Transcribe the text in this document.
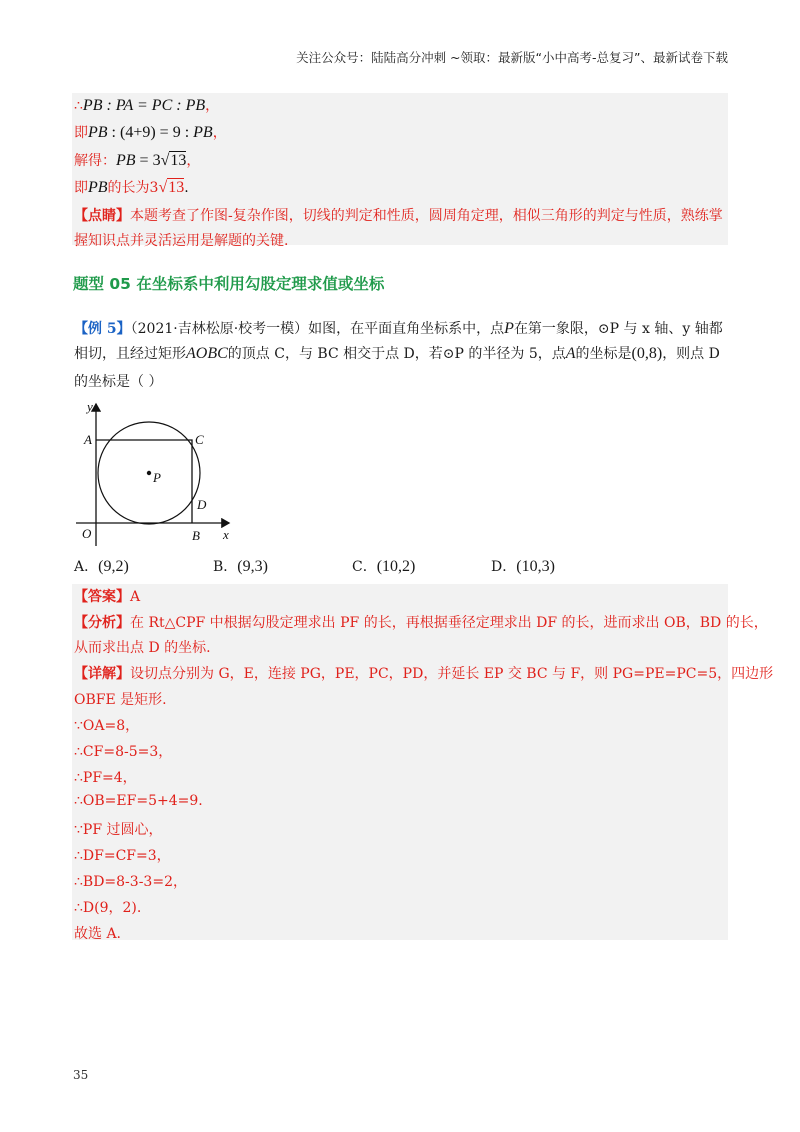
关注公众号：陆陆高分冲刺 ~领取：最新版“小中高考-总复习”、最新试卷下载
∴PB : PA = PC : PB，
即PB : (4+9) = 9 : PB，
解得：PB = 3√13，
即PB的长为3√13.
【点睛】本题考查了作图-复杂作图，切线的判定和性质，圆周角定理，相似三角形的判定与性质，熟练掌
握知识点并灵活运用是解题的关键.
题型 05 在坐标系中利用勾股定理求值或坐标
【例 5】（2021·吉林松原·校考一模）如图，在平面直角坐标系中，点P在第一象限，⊙P 与 x 轴、y 轴都
相切，且经过矩形AOBC的顶点 C，与 BC 相交于点 D，若⊙P 的半径为 5，点A的坐标是(0,8)，则点 D
的坐标是（ ）
y
x
A	C
P
D
O	B
A．(9,2)	B．(9,3)	C．(10,2)	D．(10,3)
【答案】A
【分析】在 Rt△CPF 中根据勾股定理求出 PF 的长，再根据垂径定理求出 DF 的长，进而求出 OB，BD 的长，
从而求出点 D 的坐标.
【详解】设切点分别为 G，E，连接 PG，PE，PC，PD，并延长 EP 交 BC 与 F，则 PG=PE=PC=5，四边形
OBFE 是矩形.
∵OA=8，
∴CF=8-5=3，
∴PF=4，
∴OB=EF=5+4=9.
∵PF 过圆心，
∴DF=CF=3，
∴BD=8-3-3=2，
∴D(9，2).
故选 A.
35
